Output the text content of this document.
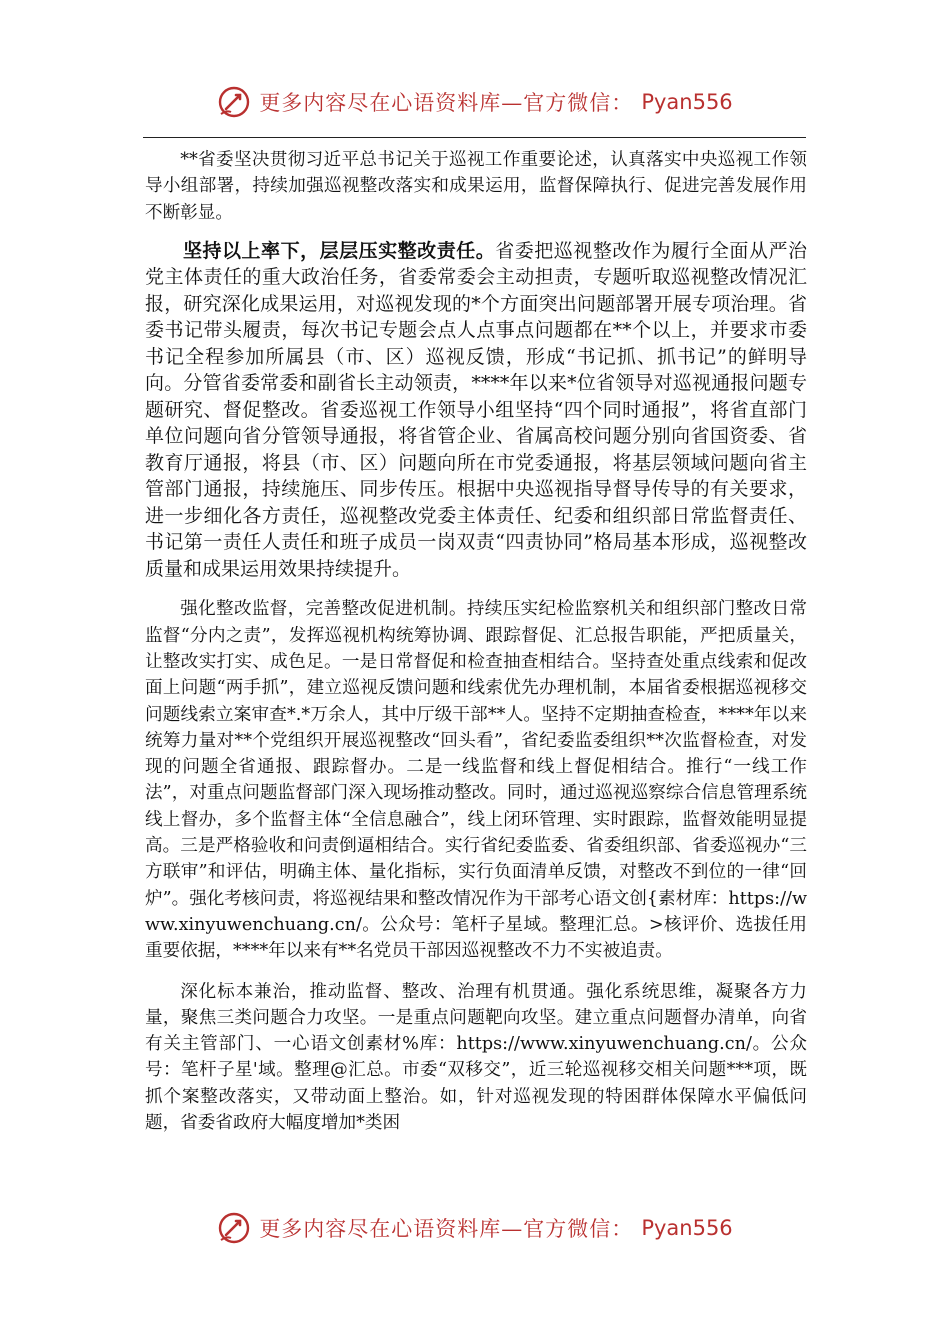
更多内容尽在心语资料库—官方微信： Pyan556

**省委坚决贯彻习近平总书记关于巡视工作重要论述，认真落实中央巡视工作领导小组部署，持续加强巡视整改落实和成果运用，监督保障执行、促进完善发展作用不断彰显。

坚持以上率下，层层压实整改责任。省委把巡视整改作为履行全面从严治党主体责任的重大政治任务，省委常委会主动担责，专题听取巡视整改情况汇报，研究深化成果运用，对巡视发现的*个方面突出问题部署开展专项治理。省委书记带头履责，每次书记专题会点人点事点问题都在**个以上，并要求市委书记全程参加所属县（市、区）巡视反馈，形成“书记抓、抓书记”的鲜明导向。分管省委常委和副省长主动领责，****年以来*位省领导对巡视通报问题专题研究、督促整改。省委巡视工作领导小组坚持“四个同时通报”，将省直部门单位问题向省分管领导通报，将省管企业、省属高校问题分别向省国资委、省教育厅通报，将县（市、区）问题向所在市党委通报，将基层领域问题向省主管部门通报，持续施压、同步传压。根据中央巡视指导督导传导的有关要求，进一步细化各方责任，巡视整改党委主体责任、纪委和组织部日常监督责任、书记第一责任人责任和班子成员一岗双责“四责协同”格局基本形成，巡视整改质量和成果运用效果持续提升。

强化整改监督，完善整改促进机制。持续压实纪检监察机关和组织部门整改日常监督“分内之责”，发挥巡视机构统筹协调、跟踪督促、汇总报告职能，严把质量关，让整改实打实、成色足。一是日常督促和检查抽查相结合。坚持查处重点线索和促改面上问题“两手抓”，建立巡视反馈问题和线索优先办理机制，本届省委根据巡视移交问题线索立案审查*.*万余人，其中厅级干部**人。坚持不定期抽查检查，****年以来统筹力量对**个党组织开展巡视整改“回头看”，省纪委监委组织**次监督检查，对发现的问题全省通报、跟踪督办。二是一线监督和线上督促相结合。推行“一线工作法”，对重点问题监督部门深入现场推动整改。同时，通过巡视巡察综合信息管理系统线上督办，多个监督主体“全信息融合”，线上闭环管理、实时跟踪，监督效能明显提高。三是严格验收和问责倒逼相结合。实行省纪委监委、省委组织部、省委巡视办“三方联审”和评估，明确主体、量化指标，实行负面清单反馈，对整改不到位的一律“回炉”。强化考核问责，将巡视结果和整改情况作为干部考心语文创{素材库：https://www.xinyuwenchuang.cn/。公众号：笔杆子星域。整理汇总。>核评价、选拔任用重要依据，****年以来有**名党员干部因巡视整改不力不实被追责。

深化标本兼治，推动监督、整改、治理有机贯通。强化系统思维，凝聚各方力量，聚焦三类问题合力攻坚。一是重点问题靶向攻坚。建立重点问题督办清单，向省有关主管部门、一心语文创素材%库：https://www.xinyuwenchuang.cn/。公众号：笔杆子星'域。整理@汇总。市委“双移交”，近三轮巡视移交相关问题***项，既抓个案整改落实，又带动面上整治。如，针对巡视发现的特困群体保障水平偏低问题，省委省政府大幅度增加*类困

更多内容尽在心语资料库—官方微信： Pyan556
